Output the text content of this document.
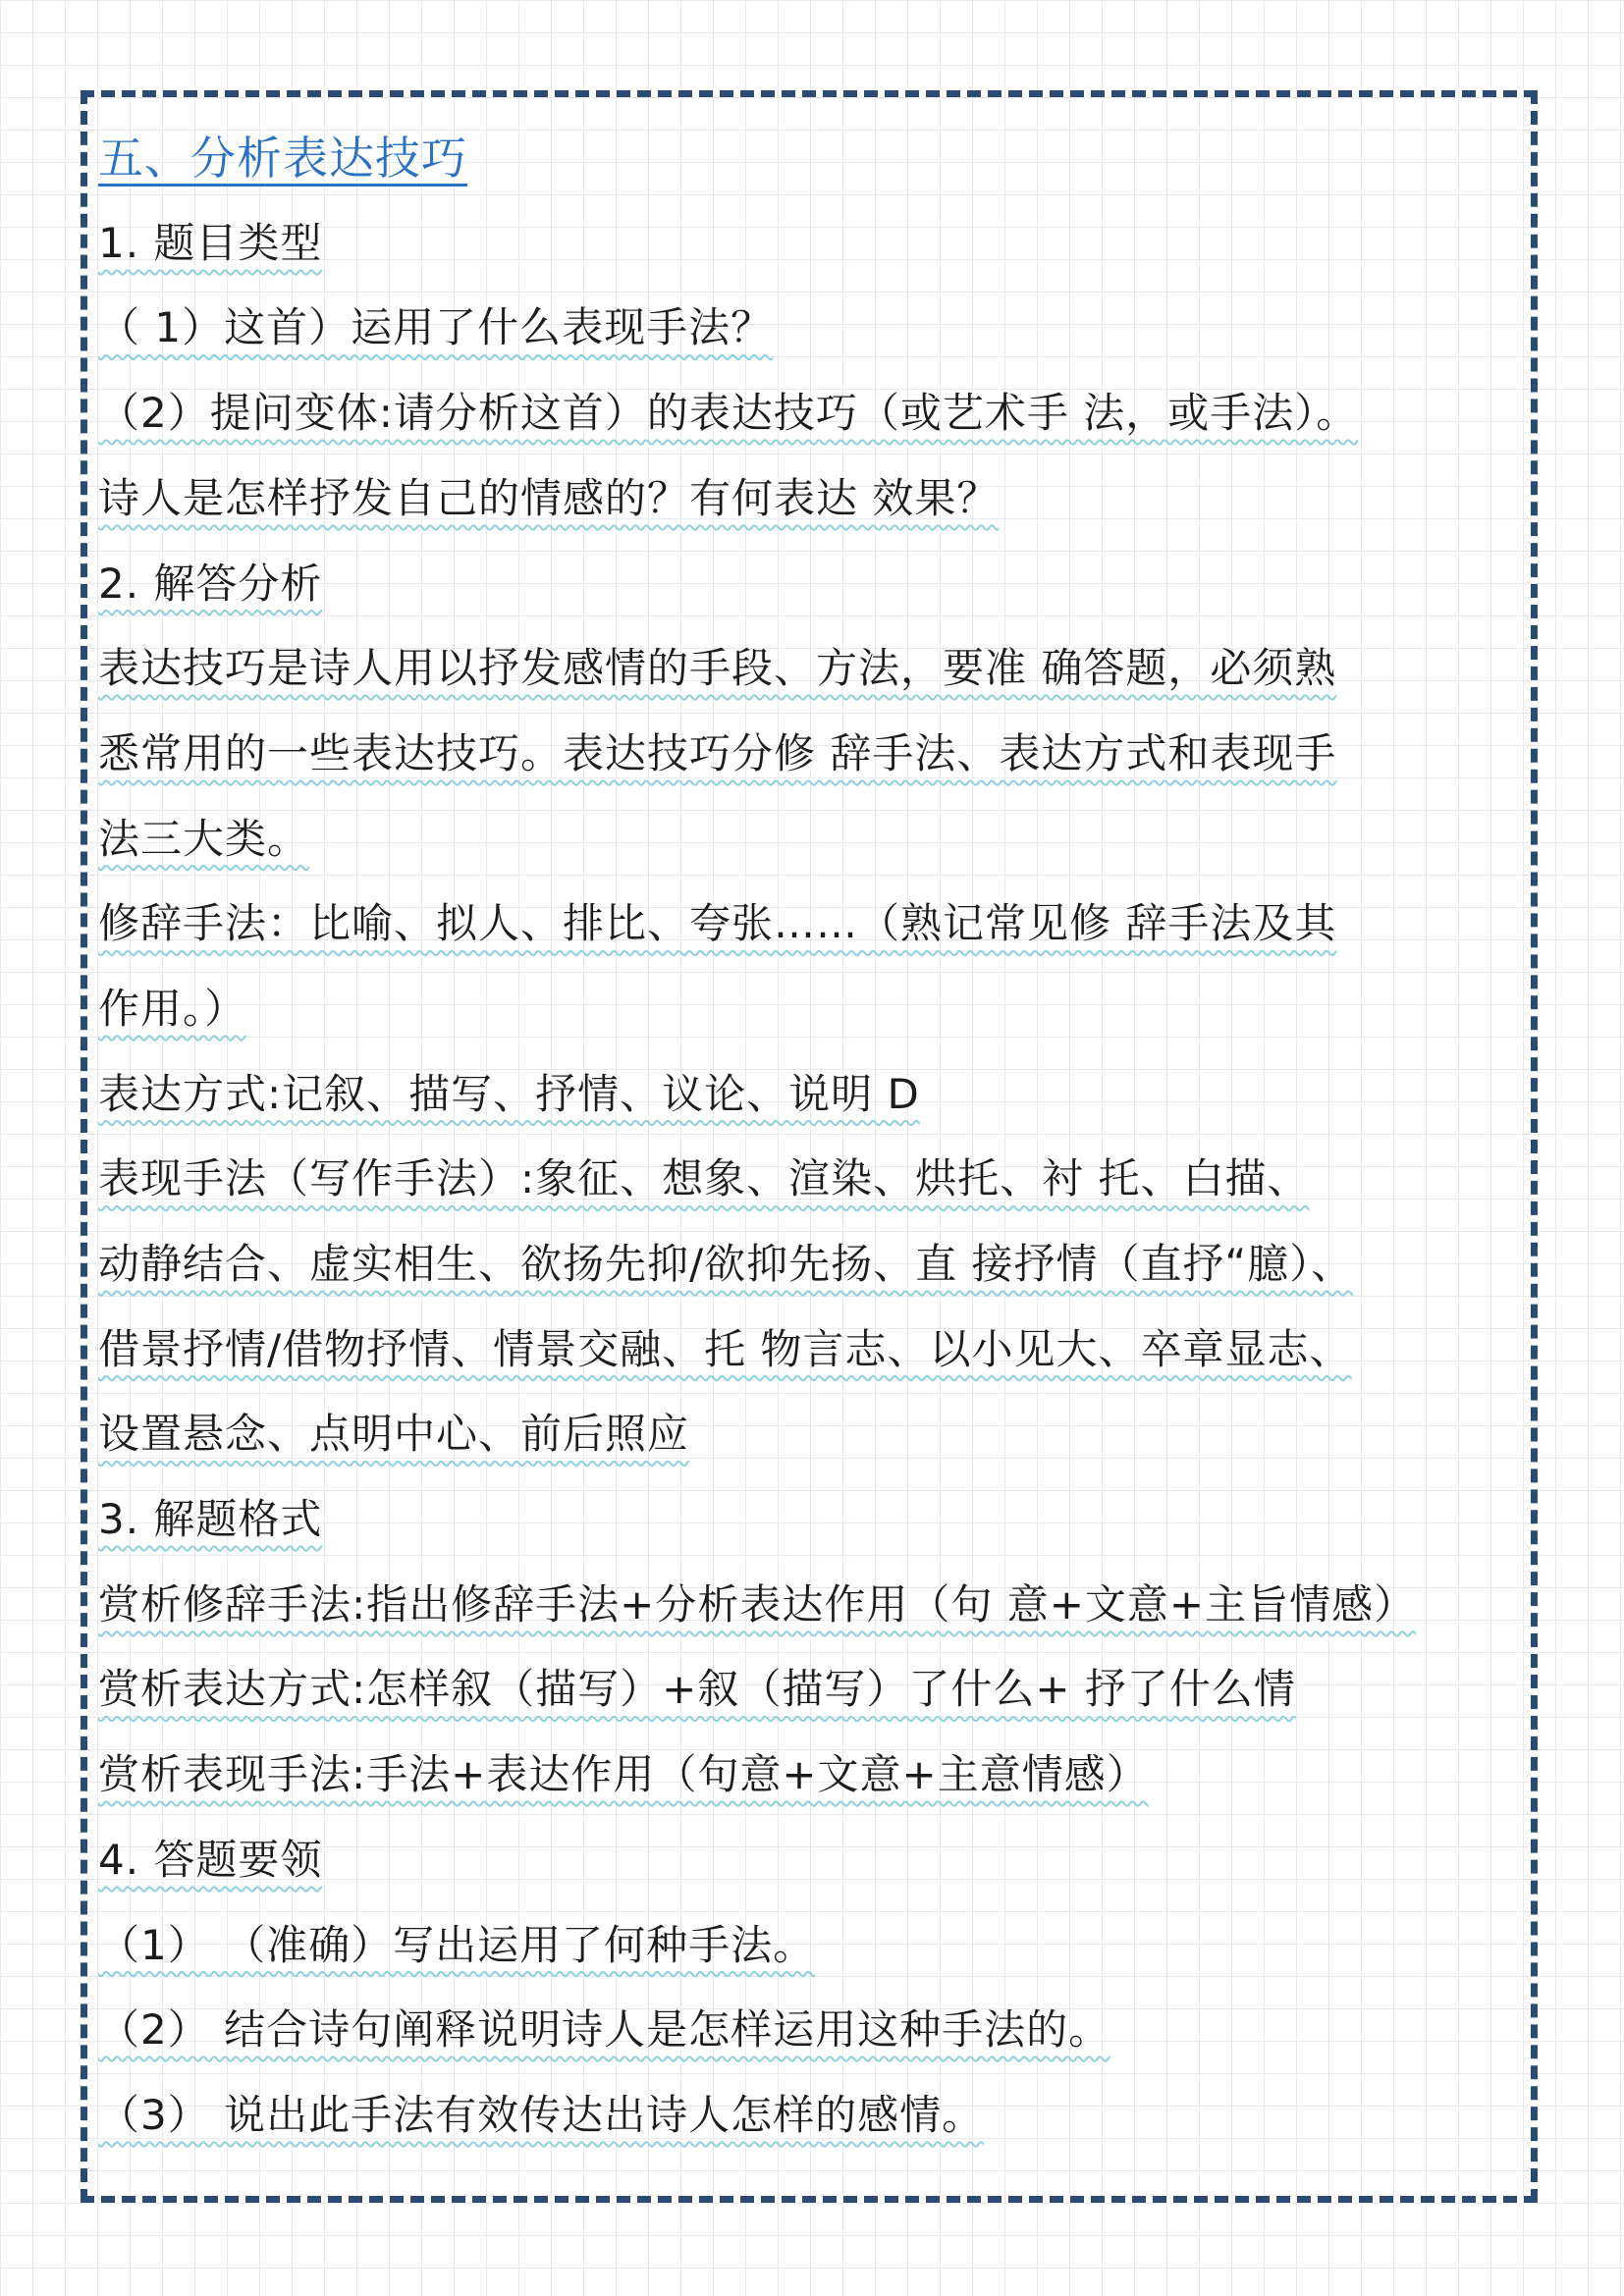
五、分析表达技巧
1. 题目类型
（ 1）这首）运用了什么表现手法？
（2）提问变体:请分析这首）的表达技巧（或艺术手 法，或手法）。
诗人是怎样抒发自己的情感的？有何表达 效果？
2. 解答分析
表达技巧是诗人用以抒发感情的手段、方法，要准 确答题，必须熟
悉常用的一些表达技巧。表达技巧分修 辞手法、表达方式和表现手
法三大类。
修辞手法：比喻、拟人、排比、夸张……（熟记常见修 辞手法及其
作用。）
表达方式:记叙、描写、抒情、议论、说明 D
表现手法（写作手法）:象征、想象、渲染、烘托、衬 托、白描、
动静结合、虚实相生、欲扬先抑/欲抑先扬、直 接抒情（直抒“臆）、
借景抒情/借物抒情、情景交融、托 物言志、以小见大、卒章显志、
设置悬念、点明中心、前后照应
3. 解题格式
赏析修辞手法:指出修辞手法+分析表达作用（句 意+文意+主旨情感）
赏析表达方式:怎样叙（描写）+叙（描写）了什么+ 抒了什么情
赏析表现手法:手法+表达作用（句意+文意+主意情感）
4. 答题要领
（1） （准确）写出运用了何种手法。
（2） 结合诗句阐释说明诗人是怎样运用这种手法的。
（3） 说出此手法有效传达出诗人怎样的感情。
